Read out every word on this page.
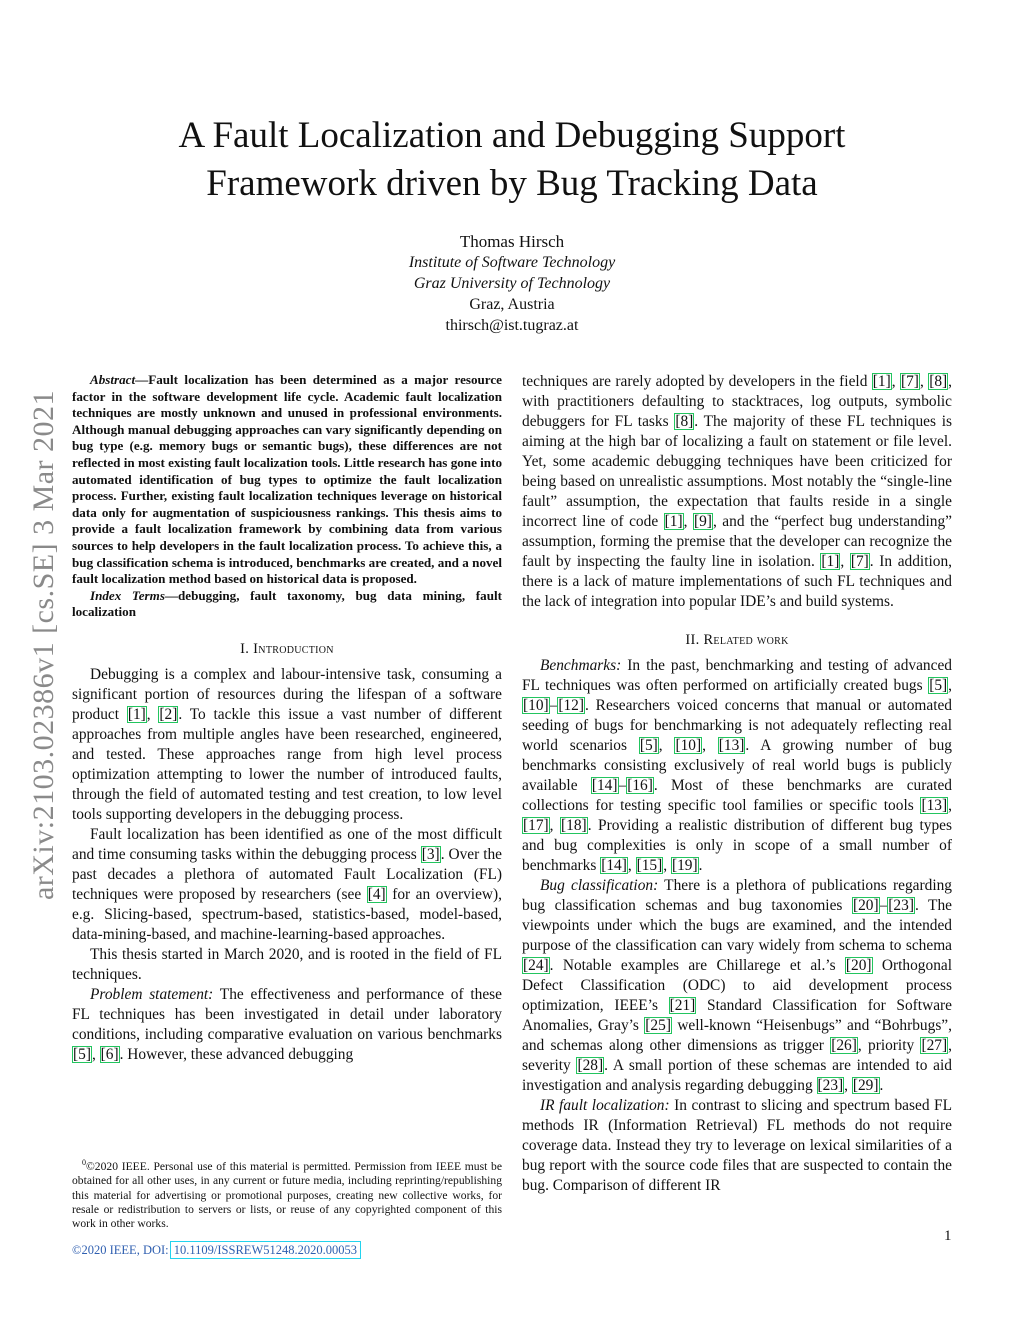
A Fault Localization and Debugging Support
Framework driven by Bug Tracking Data
Thomas Hirsch
Institute of Software Technology
Graz University of Technology
Graz, Austria
thirsch@ist.tugraz.at
arXiv:2103.02386v1 [cs.SE] 3 Mar 2021

Abstract—Fault localization has been determined as a major resource factor in the software development life cycle. Academic fault localization techniques are mostly unknown and unused in professional environments. Although manual debugging approaches can vary significantly depending on bug type (e.g. memory bugs or semantic bugs), these differences are not reflected in most existing fault localization tools. Little research has gone into automated identification of bug types to optimize the fault localization process. Further, existing fault localization techniques leverage on historical data only for augmentation of suspiciousness rankings. This thesis aims to provide a fault localization framework by combining data from various sources to help developers in the fault localization process. To achieve this, a bug classification schema is introduced, benchmarks are created, and a novel fault localization method based on historical data is proposed.

Index Terms—debugging, fault taxonomy, bug data mining, fault localization

I. Introduction

Debugging is a complex and labour-intensive task, consuming a significant portion of resources during the lifespan of a software product [1], [2]. To tackle this issue a vast number of different approaches from multiple angles have been researched, engineered, and tested. These approaches range from high level process optimization attempting to lower the number of introduced faults, through the field of automated testing and test creation, to low level tools supporting developers in the debugging process.

Fault localization has been identified as one of the most difficult and time consuming tasks within the debugging process [3]. Over the past decades a plethora of automated Fault Localization (FL) techniques were proposed by researchers (see [4] for an overview), e.g. Slicing-based, spectrum-based, statistics-based, model-based, data-mining-based, and machine-learning-based approaches.

This thesis started in March 2020, and is rooted in the field of FL techniques.

Problem statement: The effectiveness and performance of these FL techniques has been investigated in detail under laboratory conditions, including comparative evaluation on various benchmarks [5], [6]. However, these advanced debugging

$^0$©2020 IEEE. Personal use of this material is permitted. Permission from IEEE must be obtained for all other uses, in any current or future media, including reprinting/republishing this material for advertising or promotional purposes, creating new collective works, for resale or redistribution to servers or lists, or reuse of any copyrighted component of this work in other works.

©2020 IEEE, DOI: 10.1109/ISSREW51248.2020.00053

techniques are rarely adopted by developers in the field [1], [7], [8], with practitioners defaulting to stacktraces, log outputs, symbolic debuggers for FL tasks [8]. The majority of these FL techniques is aiming at the high bar of localizing a fault on statement or file level. Yet, some academic debugging techniques have been criticized for being based on unrealistic assumptions. Most notably the “single-line fault” assumption, the expectation that faults reside in a single incorrect line of code [1], [9], and the “perfect bug understanding” assumption, forming the premise that the developer can recognize the fault by inspecting the faulty line in isolation. [1], [7]. In addition, there is a lack of mature implementations of such FL techniques and the lack of integration into popular IDE’s and build systems.

II. Related work

Benchmarks: In the past, benchmarking and testing of advanced FL techniques was often performed on artificially created bugs [5], [10]–[12]. Researchers voiced concerns that manual or automated seeding of bugs for benchmarking is not adequately reflecting real world scenarios [5], [10], [13]. A growing number of bug benchmarks consisting exclusively of real world bugs is publicly available [14]–[16]. Most of these benchmarks are curated collections for testing specific tool families or specific tools [13], [17], [18]. Providing a realistic distribution of different bug types and bug complexities is only in scope of a small number of benchmarks [14], [15], [19].

Bug classification: There is a plethora of publications regarding bug classification schemas and bug taxonomies [20]–[23]. The viewpoints under which the bugs are examined, and the intended purpose of the classification can vary widely from schema to schema [24]. Notable examples are Chillarege et al.’s [20] Orthogonal Defect Classification (ODC) to aid development process optimization, IEEE’s [21] Standard Classification for Software Anomalies, Gray’s [25] well-known “Heisenbugs” and “Bohrbugs”, and schemas along other dimensions as trigger [26], priority [27], severity [28]. A small portion of these schemas are intended to aid investigation and analysis regarding debugging [23], [29].

IR fault localization: In contrast to slicing and spectrum based FL methods IR (Information Retrieval) FL methods do not require coverage data. Instead they try to leverage on lexical similarities of a bug report with the source code files that are suspected to contain the bug. Comparison of different IR

1
